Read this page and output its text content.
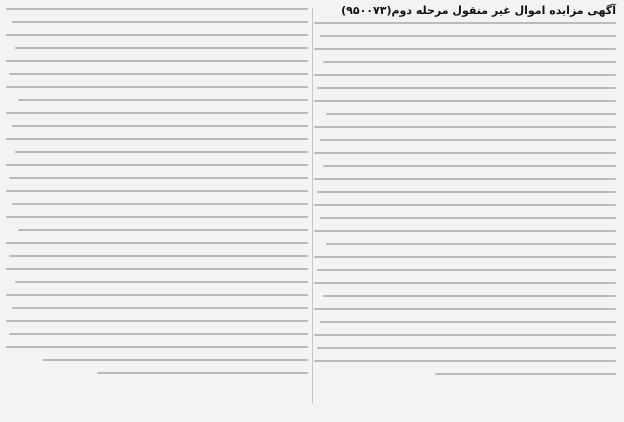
آگهی مزایده اموال غیر منقول مرحله دوم(۹۵۰۰۷۳)
